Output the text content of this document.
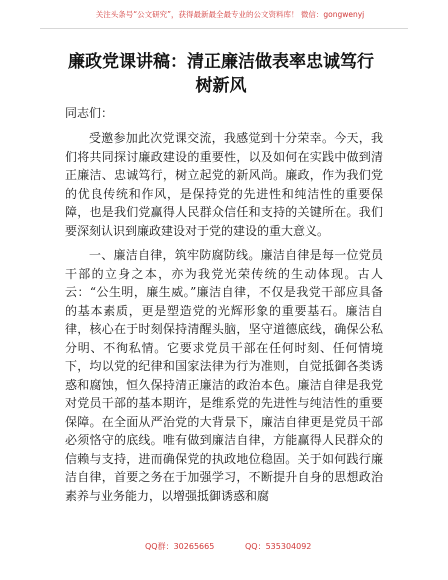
关注头条号“公文研究”，获得最新最全最专业的公文资料库！ 微信：gongwenyj
廉政党课讲稿：清正廉洁做表率忠诚笃行树新风
同志们：

受邀参加此次党课交流，我感觉到十分荣幸。今天，我们将共同探讨廉政建设的重要性，以及如何在实践中做到清正廉洁、忠诚笃行，树立起党的新风尚。廉政，作为我们党的优良传统和作风，是保持党的先进性和纯洁性的重要保障，也是我们党赢得人民群众信任和支持的关键所在。我们要深刻认识到廉政建设对于党的建设的重大意义。

一、廉洁自律，筑牢防腐防线。廉洁自律是每一位党员干部的立身之本，亦为我党光荣传统的生动体现。古人云：“公生明，廉生威。”廉洁自律，不仅是我党干部应具备的基本素质，更是塑造党的光辉形象的重要基石。廉洁自律，核心在于时刻保持清醒头脑，坚守道德底线，确保公私分明、不徇私情。它要求党员干部在任何时刻、任何情境下，均以党的纪律和国家法律为行为准则，自觉抵御各类诱惑和腐蚀，恒久保持清正廉洁的政治本色。廉洁自律是我党对党员干部的基本期许，是维系党的先进性与纯洁性的重要保障。在全面从严治党的大背景下，廉洁自律更是党员干部必须恪守的底线。唯有做到廉洁自律，方能赢得人民群众的信赖与支持，进而确保党的执政地位稳固。关于如何践行廉洁自律，首要之务在于加强学习，不断提升自身的思想政治素养与业务能力，以增强抵御诱惑和腐

QQ群：30265665	QQ：535304092
